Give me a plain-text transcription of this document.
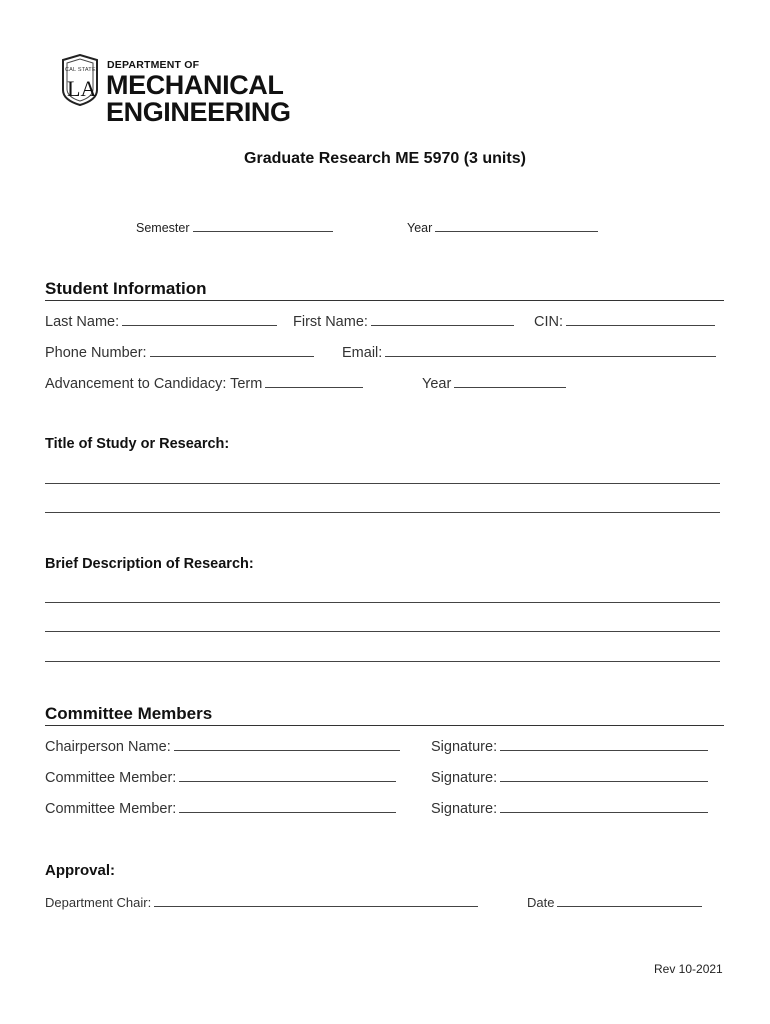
CAL STATE
LA
DEPARTMENT OF
MECHANICAL
ENGINEERING
Graduate Research ME 5970 (3 units)
Semester	Year
Student Information
Last Name:	First Name:	CIN:
Phone Number:	Email:
Advancement to Candidacy: Term	Year
Title of Study or Research:
Brief Description of Research:
Committee Members
Chairperson Name:	Signature:
Committee Member:	Signature:
Committee Member:	Signature:
Approval:
Department Chair:	Date
Rev 10-2021
